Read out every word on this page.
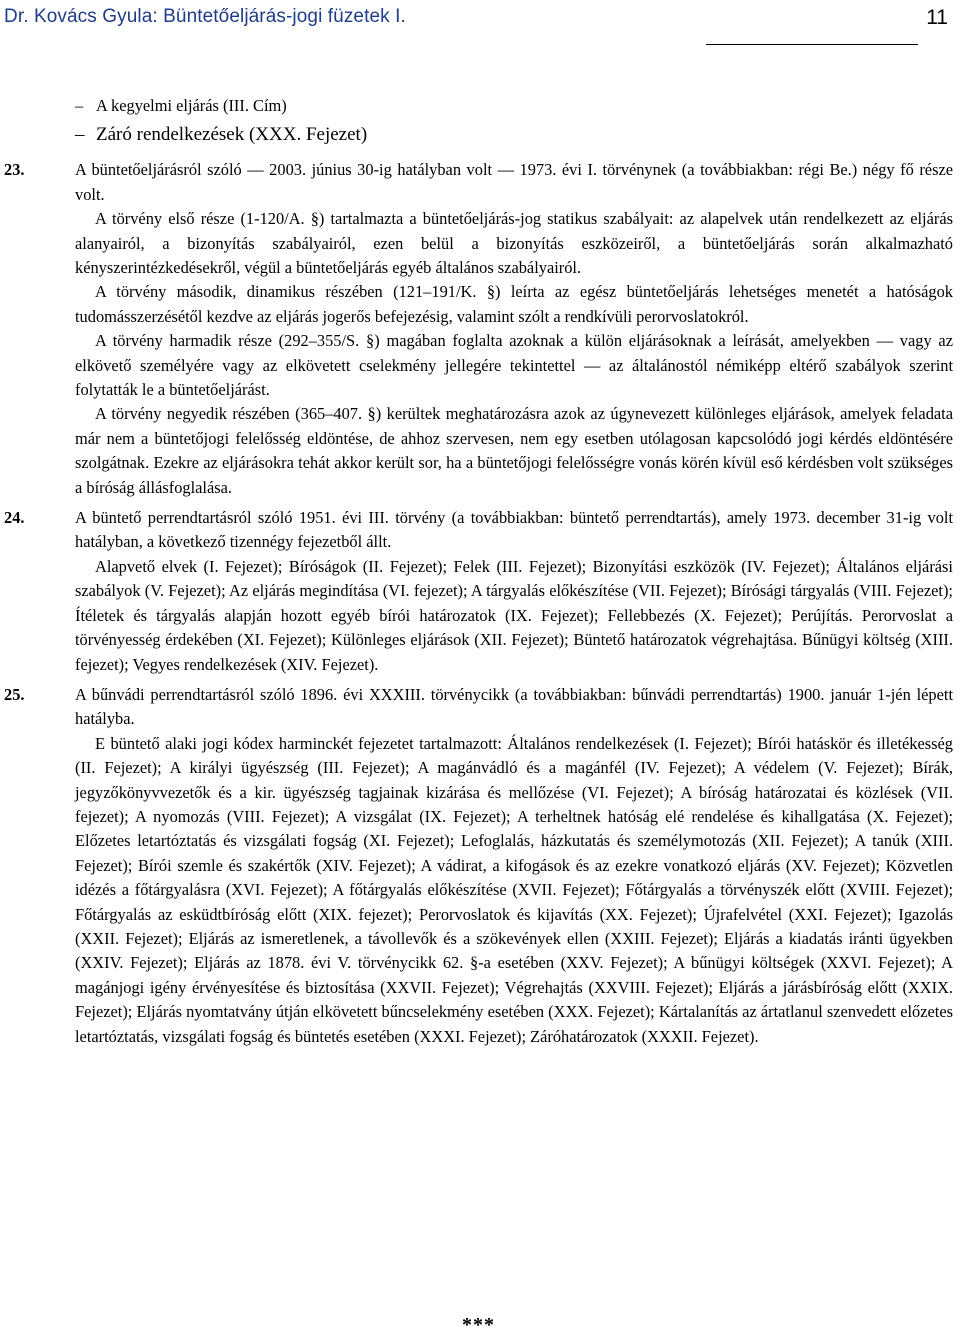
Dr. Kovács Gyula: Büntetőeljárás-jogi füzetek I.	11
– A kegyelmi eljárás (III. Cím)
– Záró rendelkezések (XXX. Fejezet)
23.	A büntetőeljárásról szóló — 2003. június 30-ig hatályban volt — 1973. évi I. törvénynek (a továbbiakban: régi Be.) négy fő része volt.

A törvény első része (1-120/A. §) tartalmazta a büntetőeljárás-jog statikus szabályait: az alapelvek után rendelkezett az eljárás alanyairól, a bizonyítás szabályairól, ezen belül a bizonyítás eszközeiről, a büntetőeljárás során alkalmazható kényszerintézkedésekről, végül a büntetőeljárás egyéb általános szabályairól.

A törvény második, dinamikus részében (121–191/K. §) leírta az egész büntetőeljárás lehetséges menetét a hatóságok tudomásszerzésétől kezdve az eljárás jogerős befejezésig, valamint szólt a rendkívüli perorvoslatokról.

A törvény harmadik része (292–355/S. §) magában foglalta azoknak a külön eljárásoknak a leírását, amelyekben — vagy az elkövető személyére vagy az elkövetett cselekmény jellegére tekintettel — az általánostól némiképp eltérő szabályok szerint folytatták le a büntetőeljárást.

A törvény negyedik részében (365–407. §) kerültek meghatározásra azok az úgynevezett különleges eljárások, amelyek feladata már nem a büntetőjogi felelősség eldöntése, de ahhoz szervesen, nem egy esetben utólagosan kapcsolódó jogi kérdés eldöntésére szolgátnak. Ezekre az eljárásokra tehát akkor került sor, ha a büntetőjogi felelősségre vonás körén kívül eső kérdésben volt szükséges a bíróság állásfoglalása.

24.	A büntető perrendtartásról szóló 1951. évi III. törvény (a továbbiakban: büntető perrendtartás), amely 1973. december 31-ig volt hatályban, a következő tizennégy fejezetből állt.

Alapvető elvek (I. Fejezet); Bíróságok (II. Fejezet); Felek (III. Fejezet); Bizonyítási eszközök (IV. Fejezet); Általános eljárási szabályok (V. Fejezet); Az eljárás megindítása (VI. fejezet); A tárgyalás előkészítése (VII. Fejezet); Bírósági tárgyalás (VIII. Fejezet); Ítéletek és tárgyalás alapján hozott egyéb bírói határozatok (IX. Fejezet); Fellebbezés (X. Fejezet); Perújítás. Perorvoslat a törvényesség érdekében (XI. Fejezet); Különleges eljárások (XII. Fejezet); Büntető határozatok végrehajtása. Bűnügyi költség (XIII. fejezet); Vegyes rendelkezések (XIV. Fejezet).

25.	A bűnvádi perrendtartásról szóló 1896. évi XXXIII. törvénycikk (a továbbiakban: bűnvádi perrendtartás) 1900. január 1-jén lépett hatályba.

E büntető alaki jogi kódex harminckét fejezetet tartalmazott: Általános rendelkezések (I. Fejezet); Bírói hatáskör és illetékesség (II. Fejezet); A királyi ügyészség (III. Fejezet); A magánvádló és a magánfél (IV. Fejezet); A védelem (V. Fejezet); Bírák, jegyzőkönyvvezetők és a kir. ügyészség tagjainak kizárása és mellőzése (VI. Fejezet); A bíróság határozatai és közlések (VII. fejezet); A nyomozás (VIII. Fejezet); A vizsgálat (IX. Fejezet); A terheltnek hatóság elé rendelése és kihallgatása (X. Fejezet); Előzetes letartóztatás és vizsgálati fogság (XI. Fejezet); Lefoglalás, házkutatás és személymotozás (XII. Fejezet); A tanúk (XIII. Fejezet); Bírói szemle és szakértők (XIV. Fejezet); A vádirat, a kifogások és az ezekre vonatkozó eljárás (XV. Fejezet); Közvetlen idézés a főtárgyalásra (XVI. Fejezet); A főtárgyalás előkészítése (XVII. Fejezet); Főtárgyalás a törvényszék előtt (XVIII. Fejezet); Főtárgyalás az esküdtbíróság előtt (XIX. fejezet); Perorvoslatok és kijavítás (XX. Fejezet); Újrafelvétel (XXI. Fejezet); Igazolás (XXII. Fejezet); Eljárás az ismeretlenek, a távollevők és a szökevények ellen (XXIII. Fejezet); Eljárás a kiadatás iránti ügyekben (XXIV. Fejezet); Eljárás az 1878. évi V. törvénycikk 62. §-a esetében (XXV. Fejezet); A bűnügyi költségek (XXVI. Fejezet); A magánjogi igény érvényesítése és biztosítása (XXVII. Fejezet); Végrehajtás (XXVIII. Fejezet); Eljárás a járásbíróság előtt (XXIX. Fejezet); Eljárás nyomtatvány útján elkövetett bűncselekmény esetében (XXX. Fejezet); Kártalanítás az ártatlanul szenvedett előzetes letartóztatás, vizsgálati fogság és büntetés esetében (XXXI. Fejezet); Záróhatározatok (XXXII. Fejezet).

***
